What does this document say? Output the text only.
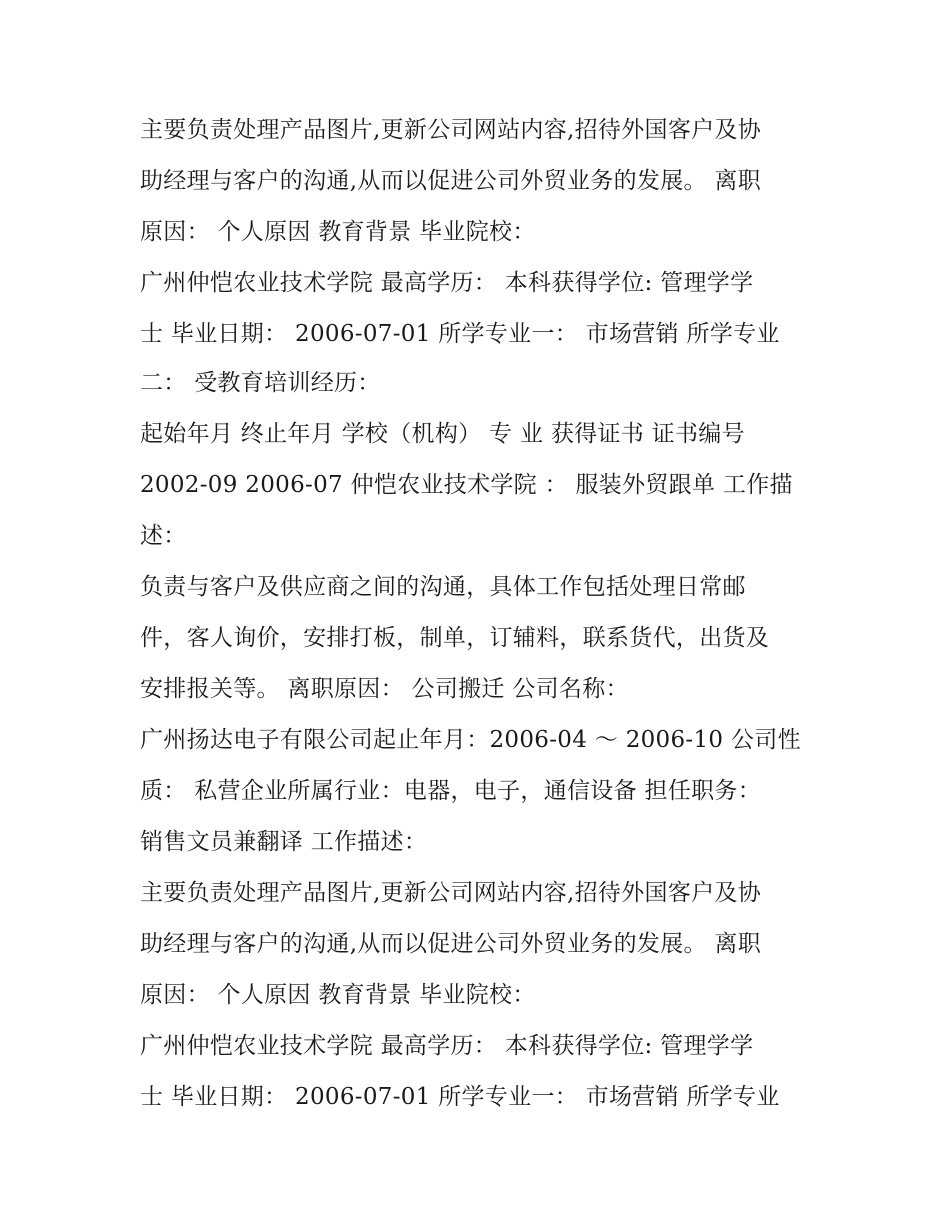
主要负责处理产品图片,更新公司网站内容,招待外国客户及协
助经理与客户的沟通,从而以促进公司外贸业务的发展。 离职
原因： 个人原因 教育背景 毕业院校：
广州仲恺农业技术学院 最高学历： 本科获得学位: 管理学学
士 毕业日期： 2006-07-01 所学专业一： 市场营销 所学专业
二： 受教育培训经历：
起始年月 终止年月 学校（机构） 专 业 获得证书 证书编号
2002-09 2006-07 仲恺农业技术学院 ： 服装外贸跟单 工作描
述：
负责与客户及供应商之间的沟通，具体工作包括处理日常邮
件，客人询价，安排打板，制单，订辅料，联系货代，出货及
安排报关等。 离职原因： 公司搬迁 公司名称：
广州扬达电子有限公司起止年月：2006-04 ～ 2006-10 公司性
质： 私营企业所属行业：电器，电子，通信设备 担任职务：
销售文员兼翻译 工作描述：
主要负责处理产品图片,更新公司网站内容,招待外国客户及协
助经理与客户的沟通,从而以促进公司外贸业务的发展。 离职
原因： 个人原因 教育背景 毕业院校：
广州仲恺农业技术学院 最高学历： 本科获得学位: 管理学学
士 毕业日期： 2006-07-01 所学专业一： 市场营销 所学专业
